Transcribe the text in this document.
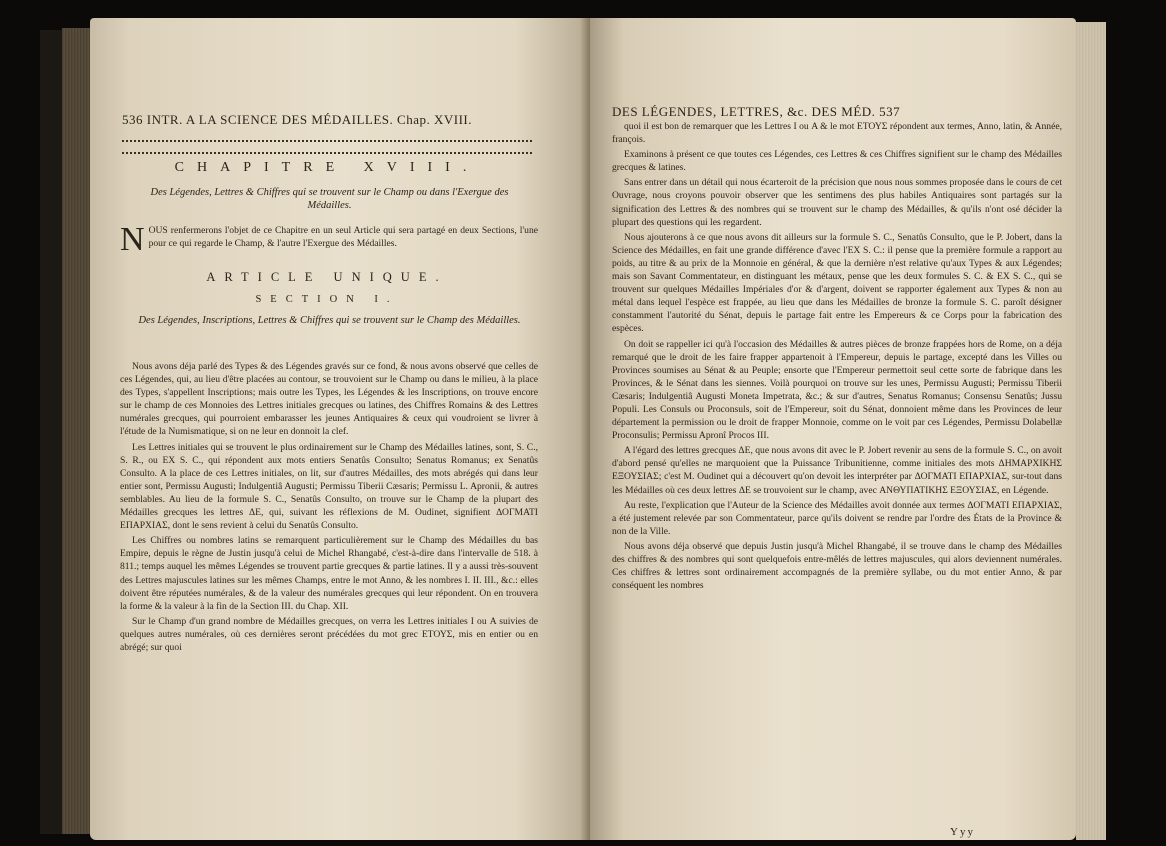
536 INTR. A LA SCIENCE DES MÉDAILLES. Chap. XVIII.
CHAPITRE XVIII.
Des Légendes, Lettres & Chiffres qui se trouvent sur le Champ ou dans l'Exergue des Médailles.
N OUS renfermerons l'objet de ce Chapitre en un seul Article qui sera partagé en deux Sections, l'une pour ce qui regarde le Champ, & l'autre l'Exergue des Médailles.
ARTICLE UNIQUE.
SECTION I.
Des Légendes, Inscriptions, Lettres & Chiffres qui se trouvent sur le Champ des Médailles.

Nous avons déja parlé des Types & des Légendes gravés sur ce fond, & nous avons observé que celles de ces Légendes, qui, au lieu d'être placées au contour, se trouvoient sur le Champ ou dans le milieu, à la place des Types, s'appellent Inscriptions; mais outre les Types, les Légendes & les Inscriptions, on trouve encore sur le champ de ces Monnoies des Lettres initiales grecques ou latines, des Chiffres Romains & des Lettres numérales grecques, qui pourroient embarasser les jeunes Antiquaires & ceux qui voudroient se livrer à l'étude de la Numismatique, si on ne leur en donnoit la clef.

Les Lettres initiales qui se trouvent le plus ordinairement sur le Champ des Médailles latines, sont, S. C., S. R., ou EX S. C., qui répondent aux mots entiers Senatûs Consulto; Senatus Romanus; ex Senatûs Consulto. A la place de ces Lettres initiales, on lit, sur d'autres Médailles, des mots abrégés qui dans leur entier sont, Permissu Augusti; Indulgentiâ Augusti; Permissu Tiberii Cæsaris; Permissu L. Apronii, & autres semblables. Au lieu de la formule S. C., Senatûs Consulto, on trouve sur le Champ de la plupart des Médailles grecques les lettres ΔΕ, qui, suivant les réflexions de M. Oudinet, signifient ΔΟΓΜΑΤΙ ΕΠΑΡΧΙΑΣ, dont le sens revient à celui du Senatûs Consulto.

Les Chiffres ou nombres latins se remarquent particulièrement sur le Champ des Médailles du bas Empire, depuis le règne de Justin jusqu'à celui de Michel Rhangabé, c'est-à-dire dans l'intervalle de 518. à 811.; temps auquel les mêmes Légendes se trouvent partie grecques & partie latines. Il y a aussi très-souvent des Lettres majuscules latines sur les mêmes Champs, entre le mot Anno, & les nombres I. II. III., &c.: elles doivent être réputées numérales, & de la valeur des numérales grecques qui leur répondent. On en trouvera la forme & la valeur à la fin de la Section III. du Chap. XII.

Sur le Champ d'un grand nombre de Médailles grecques, on verra les Lettres initiales Ι ou Α suivies de quelques autres numérales, où ces dernières seront précédées du mot grec ΕΤΟΥΣ, mis en entier ou en abrégé; sur quoi

DES LÉGENDES, LETTRES, &c. DES MÉD. 537

quoi il est bon de remarquer que les Lettres Ι ou Α & le mot ΕΤΟΥΣ répondent aux termes, Anno, latin, & Année, françois.

Examinons à présent ce que toutes ces Légendes, ces Lettres & ces Chiffres signifient sur le champ des Médailles grecques & latines.

Sans entrer dans un détail qui nous écarteroit de la précision que nous nous sommes proposée dans le cours de cet Ouvrage, nous croyons pouvoir observer que les sentimens des plus habiles Antiquaires sont partagés sur la signification des Lettres & des nombres qui se trouvent sur le champ des Médailles, & qu'ils n'ont osé décider la plupart des questions qui les regardent.

Nous ajouterons à ce que nous avons dit ailleurs sur la formule S. C., Senatûs Consulto, que le P. Jobert, dans la Science des Médailles, en fait une grande différence d'avec l'EX S. C.: il pense que la première formule a rapport au poids, au titre & au prix de la Monnoie en général, & que la dernière n'est relative qu'aux Types & aux Légendes; mais son Savant Commentateur, en distinguant les métaux, pense que les deux formules S. C. & EX S. C., qui se trouvent sur quelques Médailles Impériales d'or & d'argent, doivent se rapporter également aux Types & non au métal dans lequel l'espèce est frappée, au lieu que dans les Médailles de bronze la formule S. C. paroît désigner constamment l'autorité du Sénat, depuis le partage fait entre les Empereurs & ce Corps pour la fabrication des espèces.

On doit se rappeller ici qu'à l'occasion des Médailles & autres pièces de bronze frappées hors de Rome, on a déja remarqué que le droit de les faire frapper appartenoit à l'Empereur, depuis le partage, excepté dans les Villes ou Provinces soumises au Sénat & au Peuple; ensorte que l'Empereur permettoit seul cette sorte de fabrique dans les Provinces, & le Sénat dans les siennes. Voilà pourquoi on trouve sur les unes, Permissu Augusti; Permissu Tiberii Cæsaris; Indulgentiâ Augusti Moneta Impetrata, &c.; & sur d'autres, Senatus Romanus; Consensu Senatûs; Jussu Populi. Les Consuls ou Proconsuls, soit de l'Empereur, soit du Sénat, donnoient même dans les Provinces de leur département la permission ou le droit de frapper Monnoie, comme on le voit par ces Légendes, Permissu Dolabellæ Proconsulis; Permissu Apronî Procos III.

A l'égard des lettres grecques ΔΕ, que nous avons dit avec le P. Jobert revenir au sens de la formule S. C., on avoit d'abord pensé qu'elles ne marquoient que la Puissance Tribunitienne, comme initiales des mots ΔΗΜΑΡΧΙΚΗΣ ΕΞΟΥΣΙΑΣ; c'est M. Oudinet qui a découvert qu'on devoit les interpréter par ΔΟΓΜΑΤΙ ΕΠΑΡΧΙΑΣ, sur-tout dans les Médailles où ces deux lettres ΔΕ se trouvoient sur le champ, avec ΑΝΘΥΠΑΤΙΚΗΣ ΕΞΟΥΣΙΑΣ, en Légende.

Au reste, l'explication que l'Auteur de la Science des Médailles avoit donnée aux termes ΔΟΓΜΑΤΙ ΕΠΑΡΧΙΑΣ, a été justement relevée par son Commentateur, parce qu'ils doivent se rendre par l'ordre des États de la Province & non de la Ville.

Nous avons déja observé que depuis Justin jusqu'à Michel Rhangabé, il se trouve dans le champ des Médailles des chiffres & des nombres qui sont quelquefois entre-mêlés de lettres majuscules, qui alors deviennent numérales. Ces chiffres & lettres sont ordinairement accompagnés de la première syllabe, ou du mot entier Anno, & par conséquent les nombres

Yyy
